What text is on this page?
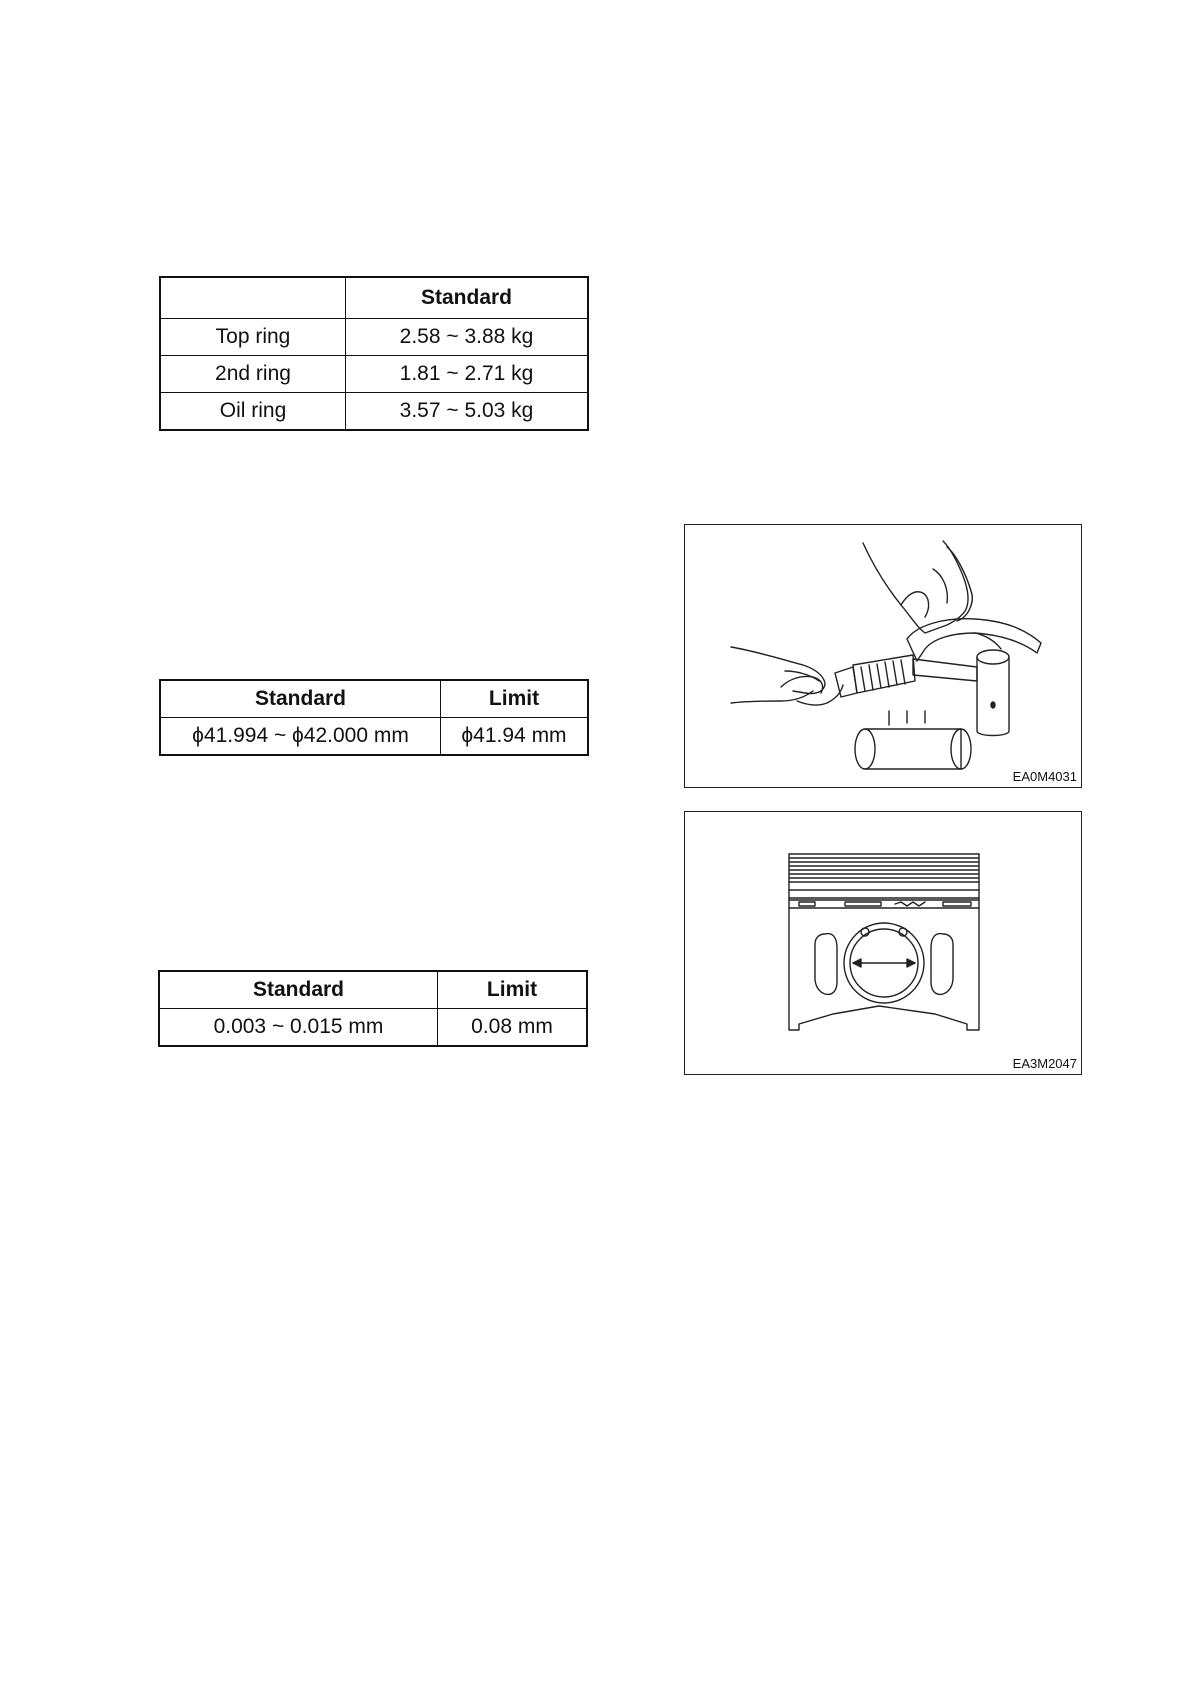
	Standard
Top ring	2.58 ~ 3.88 kg
2nd ring	1.81 ~ 2.71 kg
Oil ring	3.57 ~ 5.03 kg
Standard	Limit
ϕ41.994 ~ ϕ42.000 mm	ϕ41.94 mm
Standard	Limit
0.003 ~ 0.015 mm	0.08 mm
EA0M4031
EA3M2047
